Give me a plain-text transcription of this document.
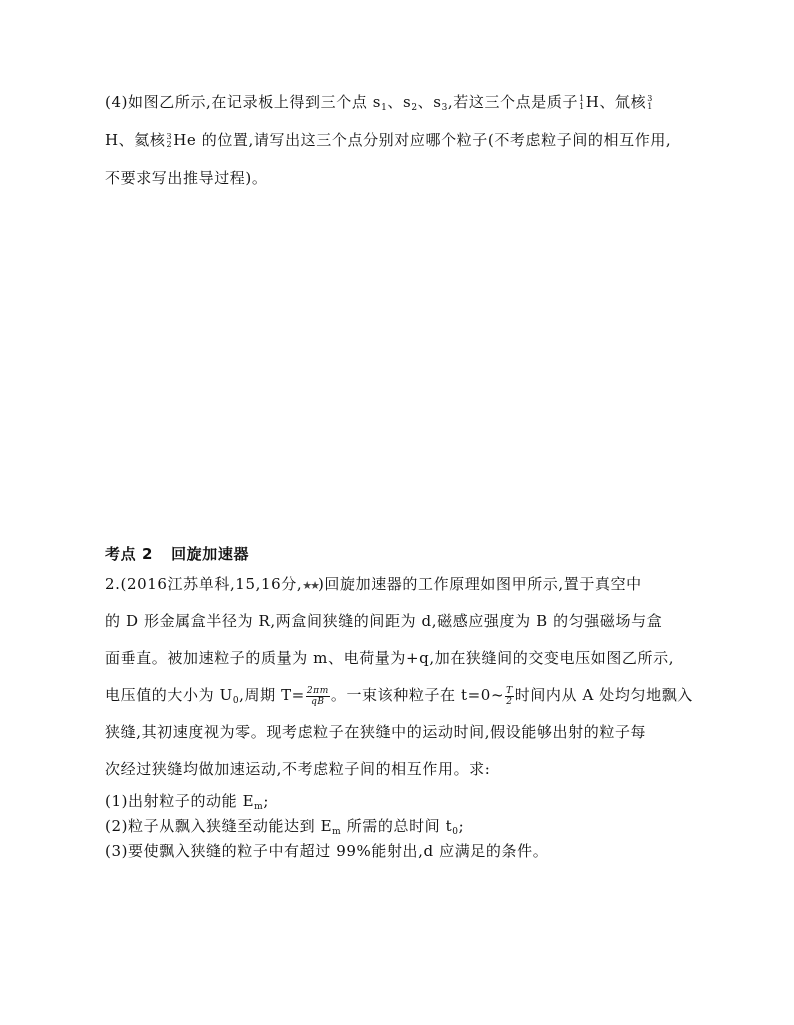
(4)如图乙所示,在记录板上得到三个点 $s_1$、$s_2$、$s_3$,若这三个点是质子 1
1 H、氚核 3
1
H、氦核 3
2 He 的位置,请写出这三个点分别对应哪个粒子(不考虑粒子间的相互作用,
不要求写出推导过程)。
考点 2 回旋加速器
2.(2016江苏单科,15,16分,★★)回旋加速器的工作原理如图甲所示,置于真空中
的 D 形金属盒半径为 R,两盒间狭缝的间距为 d,磁感应强度为 B 的匀强磁场与盒
面垂直。被加速粒子的质量为 m、电荷量为+q,加在狭缝间的交变电压如图乙所示,
电压值的大小为 $U_0$,周期 $T= \frac{2\pi m}{qB}$ 。一束该种粒子在 t=0~ $\frac{T}{2}$ 时间内从 A 处均匀地飘入
狭缝,其初速度视为零。现考虑粒子在狭缝中的运动时间,假设能够出射的粒子每
次经过狭缝均做加速运动,不考虑粒子间的相互作用。求:
(1)出射粒子的动能 $E_m$;
(2)粒子从飘入狭缝至动能达到 $E_m$ 所需的总时间 $t_0$;
(3)要使飘入狭缝的粒子中有超过 99%能射出,d 应满足的条件。
